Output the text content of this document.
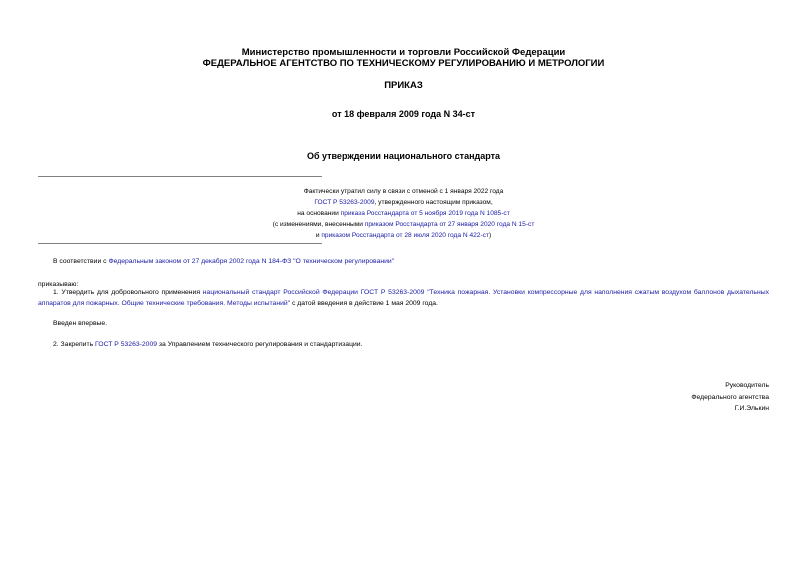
Министерство промышленности и торговли Российской Федерации
ФЕДЕРАЛЬНОЕ АГЕНТСТВО ПО ТЕХНИЧЕСКОМУ РЕГУЛИРОВАНИЮ И МЕТРОЛОГИИ
ПРИКАЗ
от 18 февраля 2009 года N 34-ст
Об утверждении национального стандарта
Фактически утратил силу в связи с отменой с 1 января 2022 года
ГОСТ Р 53263-2009, утвержденного настоящим приказом,
на основании приказа Росстандарта от 5 ноября 2019 года N 1085-ст
(с изменениями, внесенными приказом Росстандарта от 27 января 2020 года N 15-ст
и приказом Росстандарта от 28 июля 2020 года N 422-ст)
В соответствии с Федеральным законом от 27 декабря 2002 года N 184-ФЗ "О техническом регулировании"
приказываю:
1. Утвердить для добровольного применения национальный стандарт Российской Федерации ГОСТ Р 53263-2009 "Техника пожарная. Установки компрессорные для наполнения сжатым воздухом баллонов дыхательных аппаратов для пожарных. Общие технические требования. Методы испытаний" с датой введения в действие 1 мая 2009 года.
Введен впервые.
2. Закрепить ГОСТ Р 53263-2009 за Управлением технического регулирования и стандартизации.
Руководитель
Федерального агентства
Г.И.Элькин
